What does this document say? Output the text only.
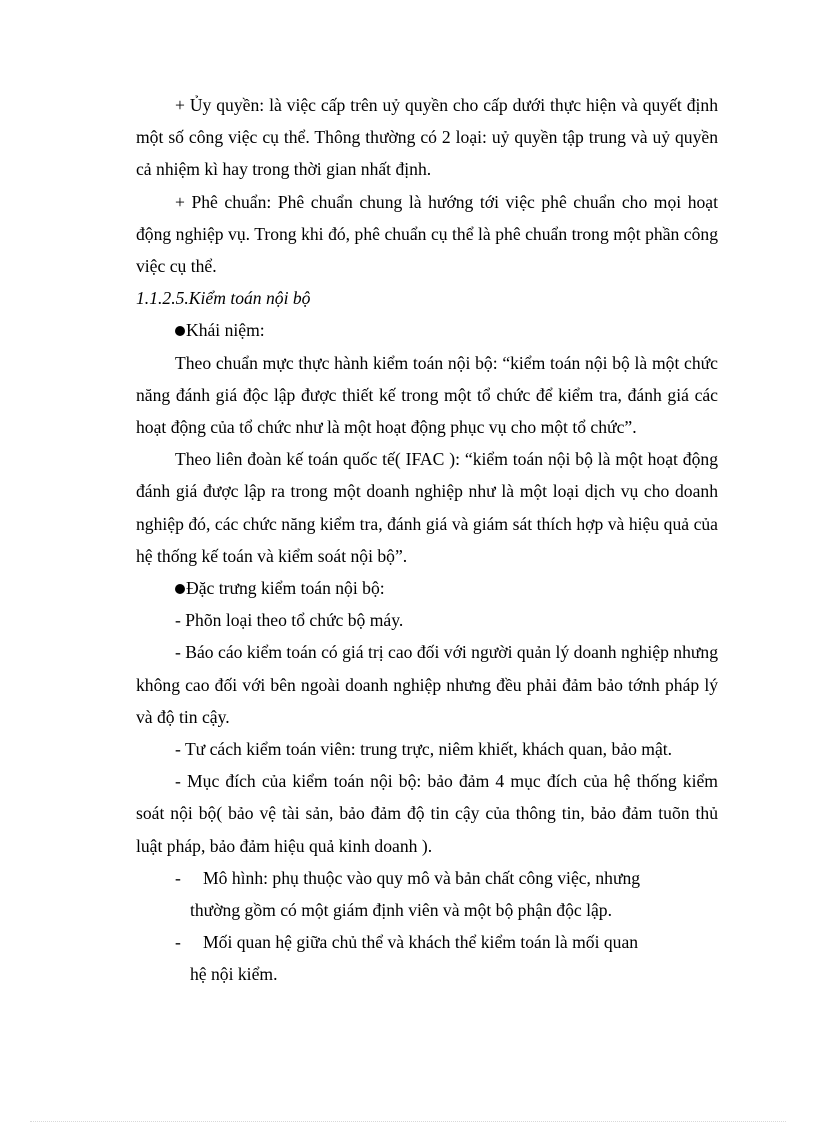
+ Ủy quyền: là việc cấp trên uỷ quyền cho cấp dưới thực hiện và quyết định một số công việc cụ thể. Thông thường có 2 loại: uỷ quyền tập trung và uỷ quyền cả nhiệm kì hay trong thời gian nhất định.

+ Phê chuẩn: Phê chuẩn chung là hướng tới việc phê chuẩn cho mọi hoạt động nghiệp vụ. Trong khi đó, phê chuẩn cụ thể là phê chuẩn trong một phần công việc cụ thể.

1.1.2.5.Kiểm toán nội bộ

Khái niệm:

Theo chuẩn mực thực hành kiểm toán nội bộ: “kiểm toán nội bộ là một chức năng đánh giá độc lập được thiết kế trong một tổ chức để kiểm tra, đánh giá các hoạt động của tổ chức như là một hoạt động phục vụ cho một tổ chức”.

Theo liên đoàn kế toán quốc tế( IFAC ): “kiểm toán nội bộ là một hoạt động đánh giá được lập ra trong một doanh nghiệp như là một loại dịch vụ cho doanh nghiệp đó, các chức năng kiểm tra, đánh giá và giám sát thích hợp và hiệu quả của hệ thống kế toán và kiểm soát nội bộ”.

Đặc trưng kiểm toán nội bộ:

- Phõn loại theo tổ chức bộ máy.

- Báo cáo kiểm toán có giá trị cao đối với người quản lý doanh nghiệp nhưng không cao đối với bên ngoài doanh nghiệp nhưng đều phải đảm bảo tớnh pháp lý và độ tin cậy.

- Tư cách kiểm toán viên: trung trực, niêm khiết, khách quan, bảo mật.

- Mục đích của kiểm toán nội bộ: bảo đảm 4 mục đích của hệ thống kiểm soát nội bộ( bảo vệ tài sản, bảo đảm độ tin cậy của thông tin, bảo đảm tuõn thủ luật pháp, bảo đảm hiệu quả kinh doanh ).

-	Mô hình: phụ thuộc vào quy mô và bản chất công việc, nhưng
thường gồm có một giám định viên và một bộ phận độc lập.
-	Mối quan hệ giữa chủ thể và khách thể kiểm toán là mối quan
hệ nội kiểm.
